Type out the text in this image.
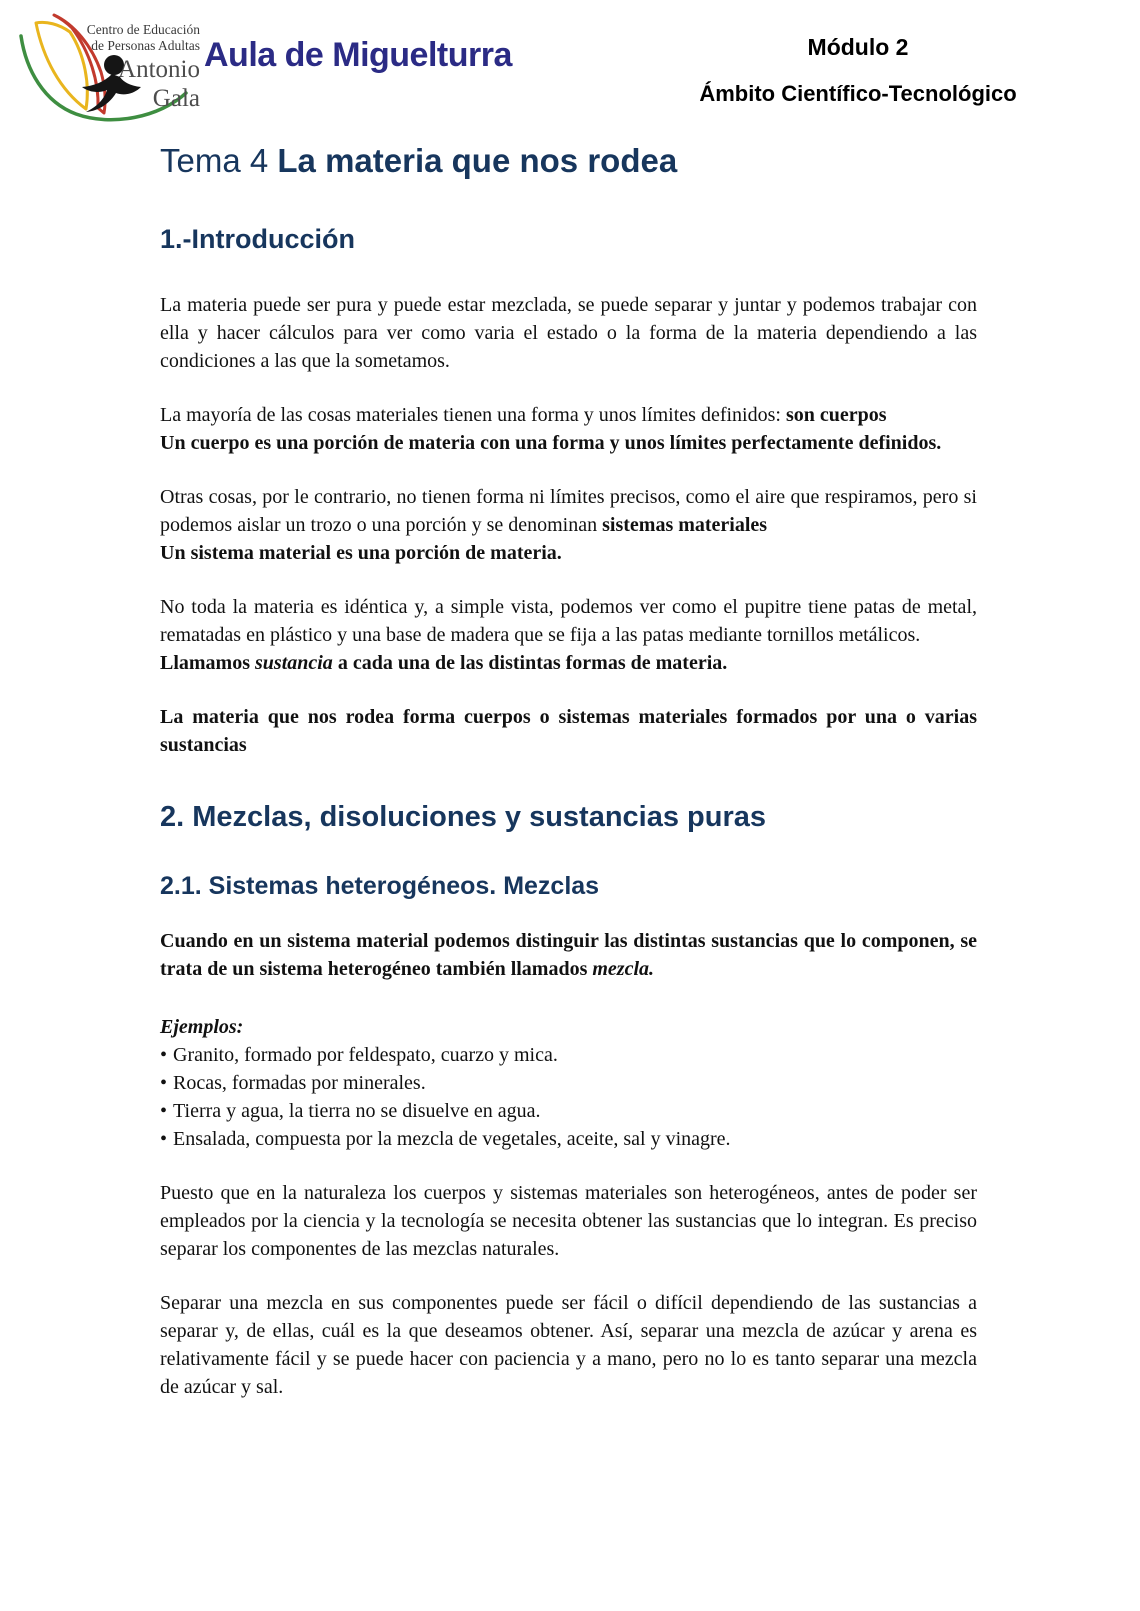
Centro de Educación
de Personas Adultas
Antonio
Gala
Aula de Miguelturra	Módulo 2
Ámbito Científico-Tecnológico
Tema 4 La materia que nos rodea
1.-Introducción

La materia puede ser pura y puede estar mezclada, se puede separar y juntar y podemos trabajar con ella y hacer cálculos para ver como varia el estado o la forma de la materia dependiendo a las condiciones a las que la sometamos.

La mayoría de las cosas materiales tienen una forma y unos límites definidos: son cuerpos
Un cuerpo es una porción de materia con una forma y unos límites perfectamente definidos.

Otras cosas, por le contrario, no tienen forma ni límites precisos, como el aire que respiramos, pero si podemos aislar un trozo o una porción y se denominan sistemas materiales
Un sistema material es una porción de materia.

No toda la materia es idéntica y, a simple vista, podemos ver como el pupitre tiene patas de metal, rematadas en plástico y una base de madera que se fija a las patas mediante tornillos metálicos.
Llamamos sustancia a cada una de las distintas formas de materia.

La materia que nos rodea forma cuerpos o sistemas materiales formados por una o varias sustancias

2. Mezclas, disoluciones y sustancias puras
2.1. Sistemas heterogéneos. Mezclas

Cuando en un sistema material podemos distinguir las distintas sustancias que lo componen, se trata de un sistema heterogéneo también llamados mezcla.

Ejemplos:

• Granito, formado por feldespato, cuarzo y mica.
• Rocas, formadas por minerales.
• Tierra y agua, la tierra no se disuelve en agua.
• Ensalada, compuesta por la mezcla de vegetales, aceite, sal y vinagre.

Puesto que en la naturaleza los cuerpos y sistemas materiales son heterogéneos, antes de poder ser empleados por la ciencia y la tecnología se necesita obtener las sustancias que lo integran. Es preciso separar los componentes de las mezclas naturales.

Separar una mezcla en sus componentes puede ser fácil o difícil dependiendo de las sustancias a separar y, de ellas, cuál es la que deseamos obtener. Así, separar una mezcla de azúcar y arena es relativamente fácil y se puede hacer con paciencia y a mano, pero no lo es tanto separar una mezcla de azúcar y sal.
